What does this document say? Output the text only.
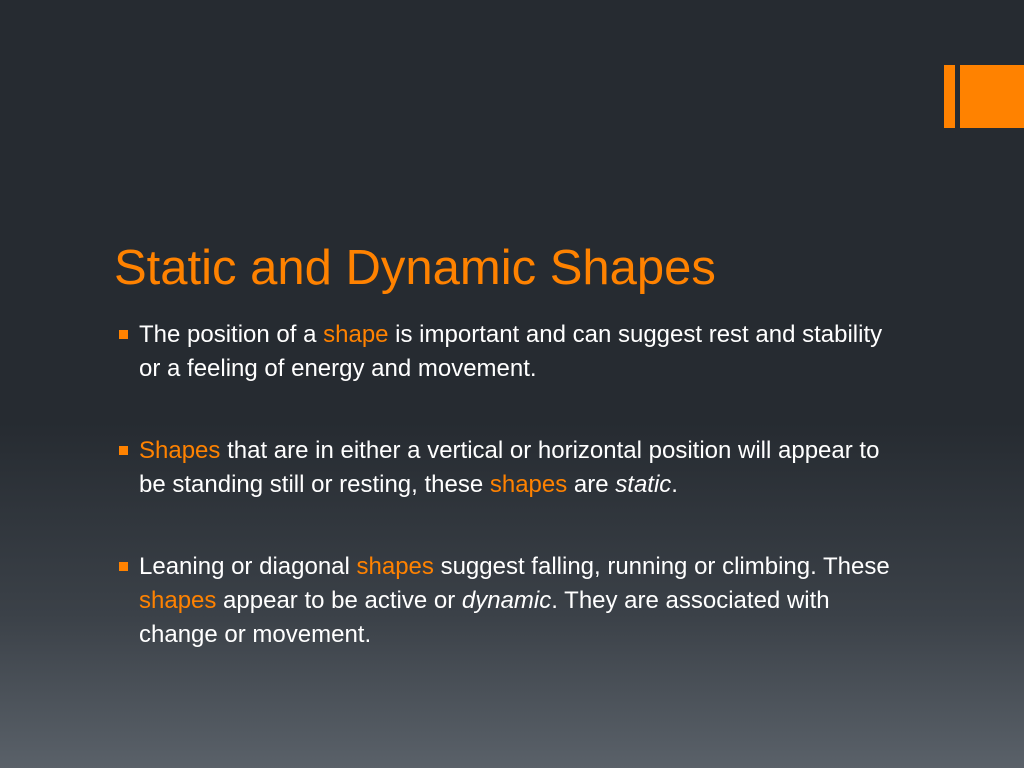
Static and Dynamic Shapes
The position of a shape is important and can suggest rest and stability or a feeling of energy and movement.
Shapes that are in either a vertical or horizontal position will appear to be standing still or resting, these shapes are static.
Leaning or diagonal shapes suggest falling, running or climbing. These shapes appear to be active or dynamic. They are associated with change or movement.
